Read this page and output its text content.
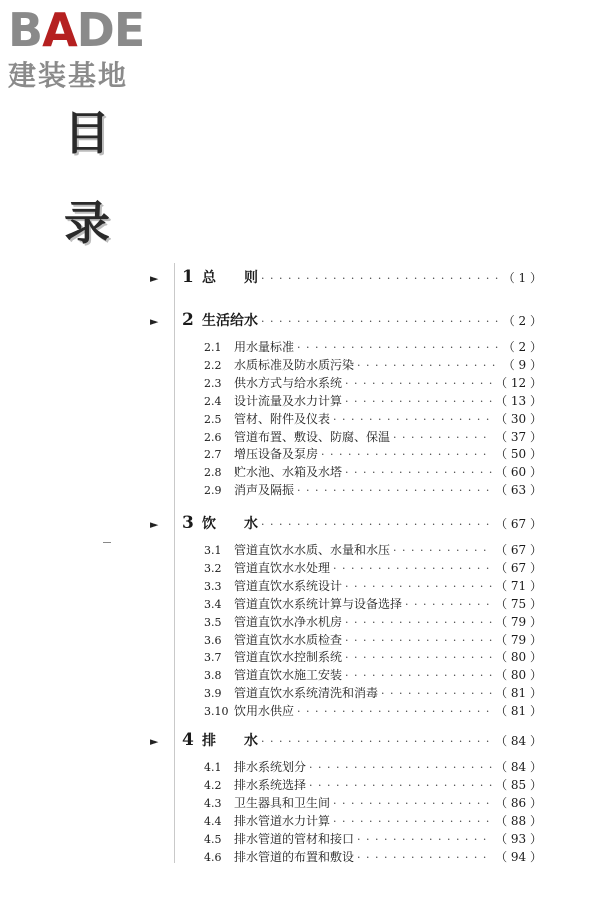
BADE
建装基地
目
录
►	1 总　　则 · · ·	（ 1 ）
►	2 生活给水 · · ·	（ 2 ）
2.1	用水量标准 · · ·	（ 2 ）
2.2	水质标准及防水质污染 · · ·	（ 9 ）
2.3	供水方式与给水系统 · · ·	（ 12 ）
2.4	设计流量及水力计算 · · ·	（ 13 ）
2.5	管材、附件及仪表 · · ·	（ 30 ）
2.6	管道布置、敷设、防腐、保温 · · ·	（ 37 ）
2.7	增压设备及泵房 · · ·	（ 50 ）
2.8	贮水池、水箱及水塔 · · ·	（ 60 ）
2.9	消声及隔振 · · ·	（ 63 ）
►	3 饮　　水 · · ·	（ 67 ）
3.1	管道直饮水水质、水量和水压 · · ·	（ 67 ）
3.2	管道直饮水水处理 · · ·	（ 67 ）
3.3	管道直饮水系统设计 · · ·	（ 71 ）
3.4	管道直饮水系统计算与设备选择 · · ·	（ 75 ）
3.5	管道直饮水净水机房 · · ·	（ 79 ）
3.6	管道直饮水水质检查 · · ·	（ 79 ）
3.7	管道直饮水控制系统 · · ·	（ 80 ）
3.8	管道直饮水施工安装 · · ·	（ 80 ）
3.9	管道直饮水系统清洗和消毒 · · ·	（ 81 ）
3.10 饮用水供应 · · ·	（ 81 ）
►	4 排　　水 · · ·	（ 84 ）
4.1	排水系统划分 · · ·	（ 84 ）
4.2	排水系统选择 · · ·	（ 85 ）
4.3	卫生器具和卫生间 · · ·	（ 86 ）
4.4	排水管道水力计算 · · ·	（ 88 ）
4.5	排水管道的管材和接口 · · ·	（ 93 ）
4.6	排水管道的布置和敷设 · · ·	（ 94 ）
